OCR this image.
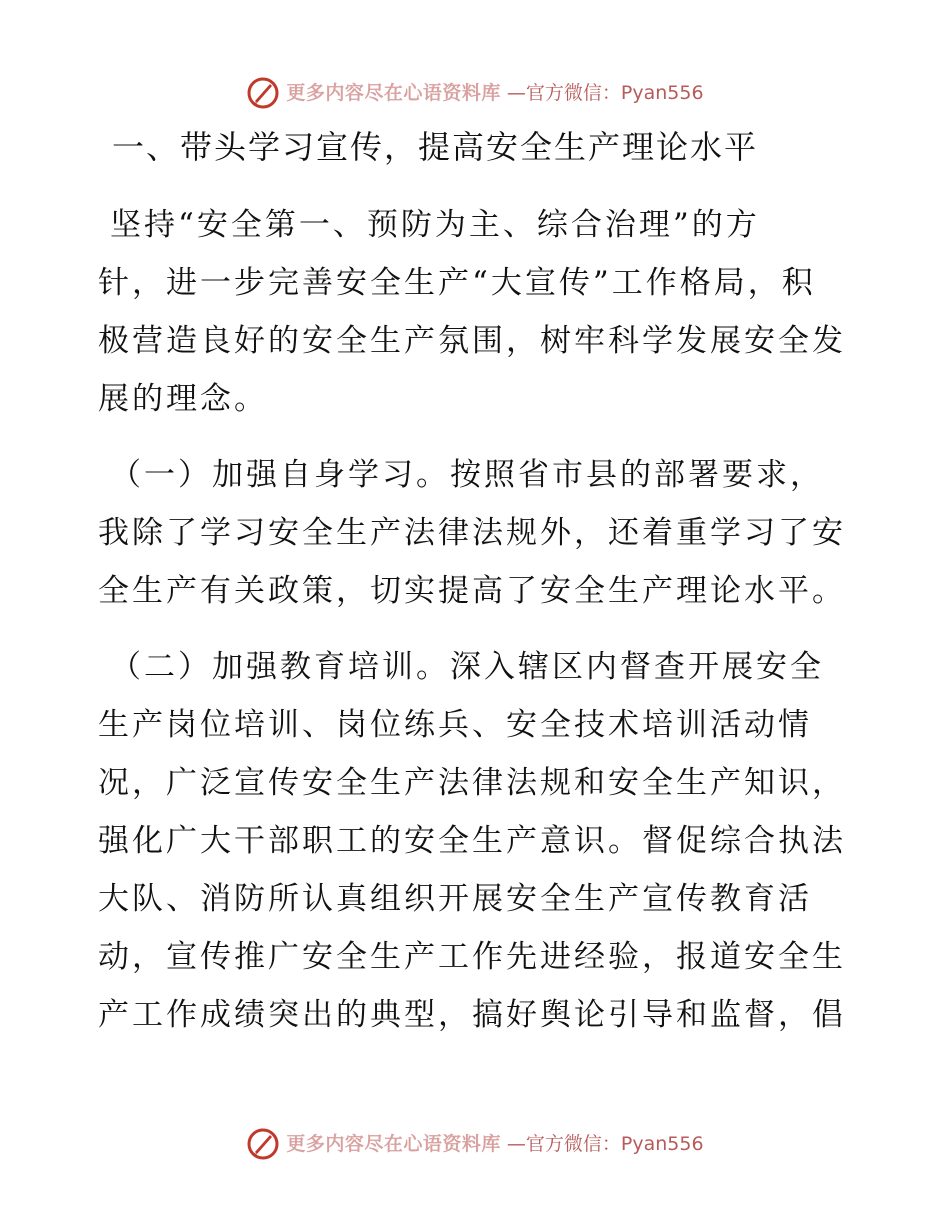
更多内容尽在心语资料库 —官方微信：Pyan556
一、带头学习宣传，提高安全生产理论水平
坚持“安全第一、预防为主、综合治理”的方
针，进一步完善安全生产“大宣传”工作格局，积
极营造良好的安全生产氛围，树牢科学发展安全发
展的理念。
（一）加强自身学习。按照省市县的部署要求，
我除了学习安全生产法律法规外，还着重学习了安
全生产有关政策，切实提高了安全生产理论水平。
（二）加强教育培训。深入辖区内督查开展安全
生产岗位培训、岗位练兵、安全技术培训活动情
况，广泛宣传安全生产法律法规和安全生产知识，
强化广大干部职工的安全生产意识。督促综合执法
大队、消防所认真组织开展安全生产宣传教育活
动，宣传推广安全生产工作先进经验，报道安全生
产工作成绩突出的典型，搞好舆论引导和监督，倡
更多内容尽在心语资料库 —官方微信：Pyan556
